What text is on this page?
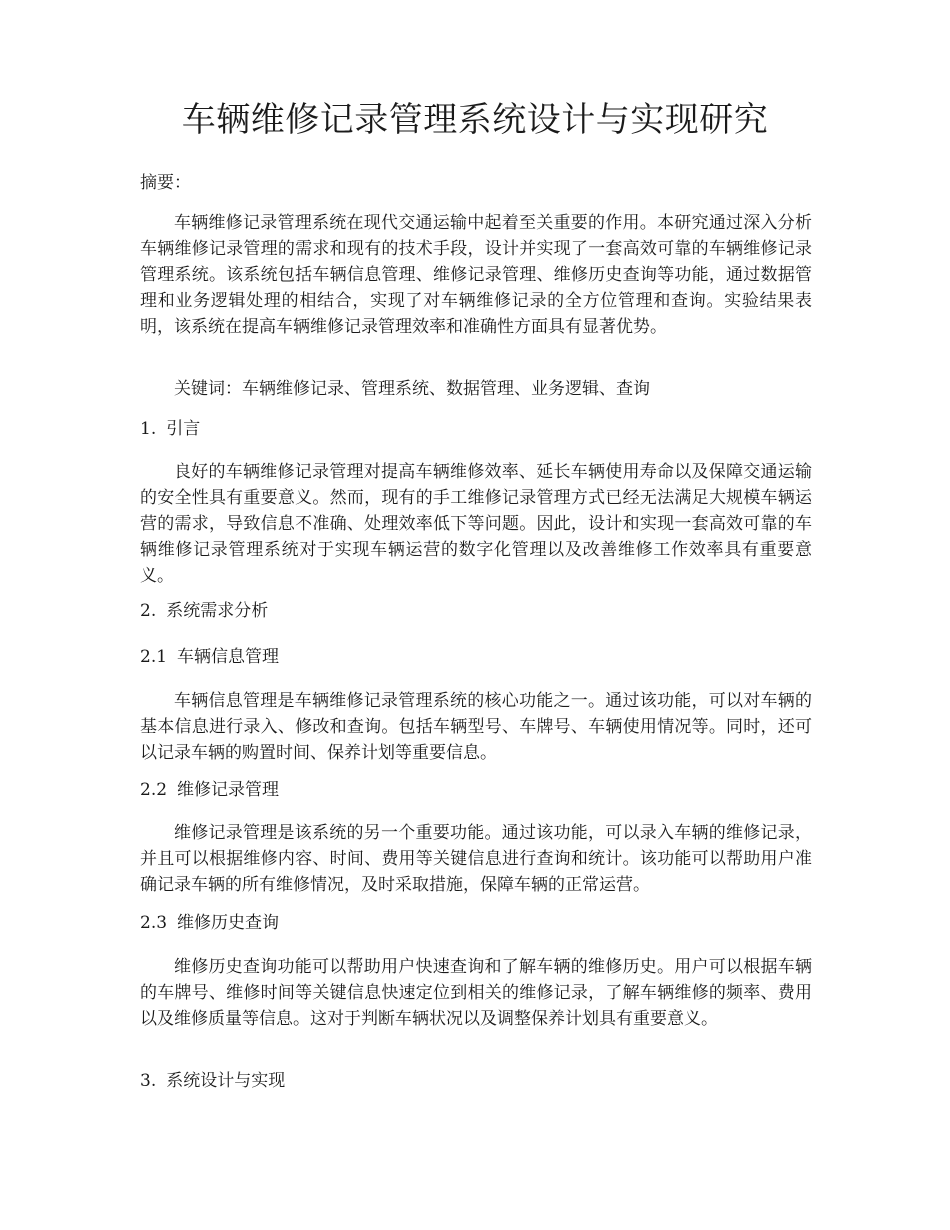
车辆维修记录管理系统设计与实现研究
摘要：

车辆维修记录管理系统在现代交通运输中起着至关重要的作用。本研究通过深入分析车辆维修记录管理的需求和现有的技术手段，设计并实现了一套高效可靠的车辆维修记录管理系统。该系统包括车辆信息管理、维修记录管理、维修历史查询等功能，通过数据管理和业务逻辑处理的相结合，实现了对车辆维修记录的全方位管理和查询。实验结果表明，该系统在提高车辆维修记录管理效率和准确性方面具有显著优势。

关键词：车辆维修记录、管理系统、数据管理、业务逻辑、查询

1. 引言

良好的车辆维修记录管理对提高车辆维修效率、延长车辆使用寿命以及保障交通运输的安全性具有重要意义。然而，现有的手工维修记录管理方式已经无法满足大规模车辆运营的需求，导致信息不准确、处理效率低下等问题。因此，设计和实现一套高效可靠的车辆维修记录管理系统对于实现车辆运营的数字化管理以及改善维修工作效率具有重要意义。

2. 系统需求分析
2.1 车辆信息管理

车辆信息管理是车辆维修记录管理系统的核心功能之一。通过该功能，可以对车辆的基本信息进行录入、修改和查询。包括车辆型号、车牌号、车辆使用情况等。同时，还可以记录车辆的购置时间、保养计划等重要信息。

2.2 维修记录管理

维修记录管理是该系统的另一个重要功能。通过该功能，可以录入车辆的维修记录，并且可以根据维修内容、时间、费用等关键信息进行查询和统计。该功能可以帮助用户准确记录车辆的所有维修情况，及时采取措施，保障车辆的正常运营。

2.3 维修历史查询

维修历史查询功能可以帮助用户快速查询和了解车辆的维修历史。用户可以根据车辆的车牌号、维修时间等关键信息快速定位到相关的维修记录，了解车辆维修的频率、费用以及维修质量等信息。这对于判断车辆状况以及调整保养计划具有重要意义。

3. 系统设计与实现
